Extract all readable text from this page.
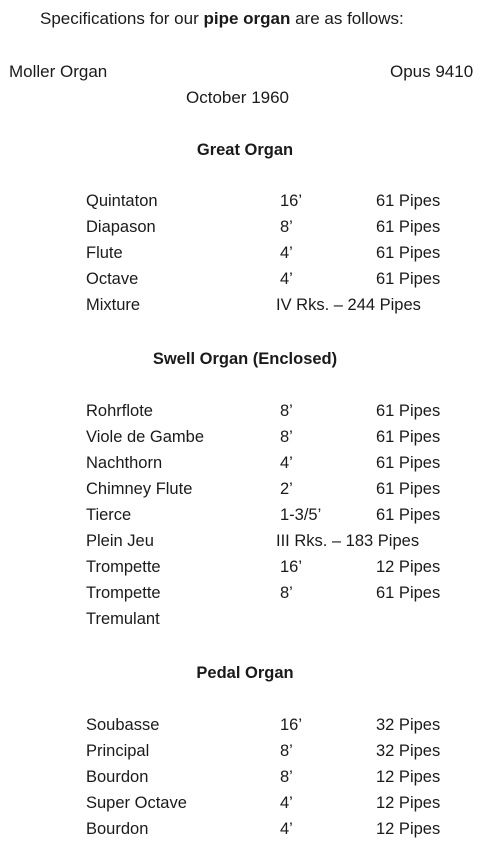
Specifications for our pipe organ are as follows:
Moller Organ	Opus 9410
October 1960
Great Organ
Quintaton	16’	61 Pipes
Diapason	8’	61 Pipes
Flute	4’	61 Pipes
Octave	4’	61 Pipes
Mixture	IV Rks. – 244 Pipes
Swell Organ (Enclosed)
Rohrflote	8’	61 Pipes
Viole de Gambe	8’	61 Pipes
Nachthorn	4’	61 Pipes
Chimney Flute	2’	61 Pipes
Tierce	1-3/5’	61 Pipes
Plein Jeu	III Rks. – 183 Pipes
Trompette	16’	12 Pipes
Trompette	8’	61 Pipes
Tremulant
Pedal Organ
Soubasse	16’	32 Pipes
Principal	8’	32 Pipes
Bourdon	8’	12 Pipes
Super Octave	4’	12 Pipes
Bourdon	4’	12 Pipes
